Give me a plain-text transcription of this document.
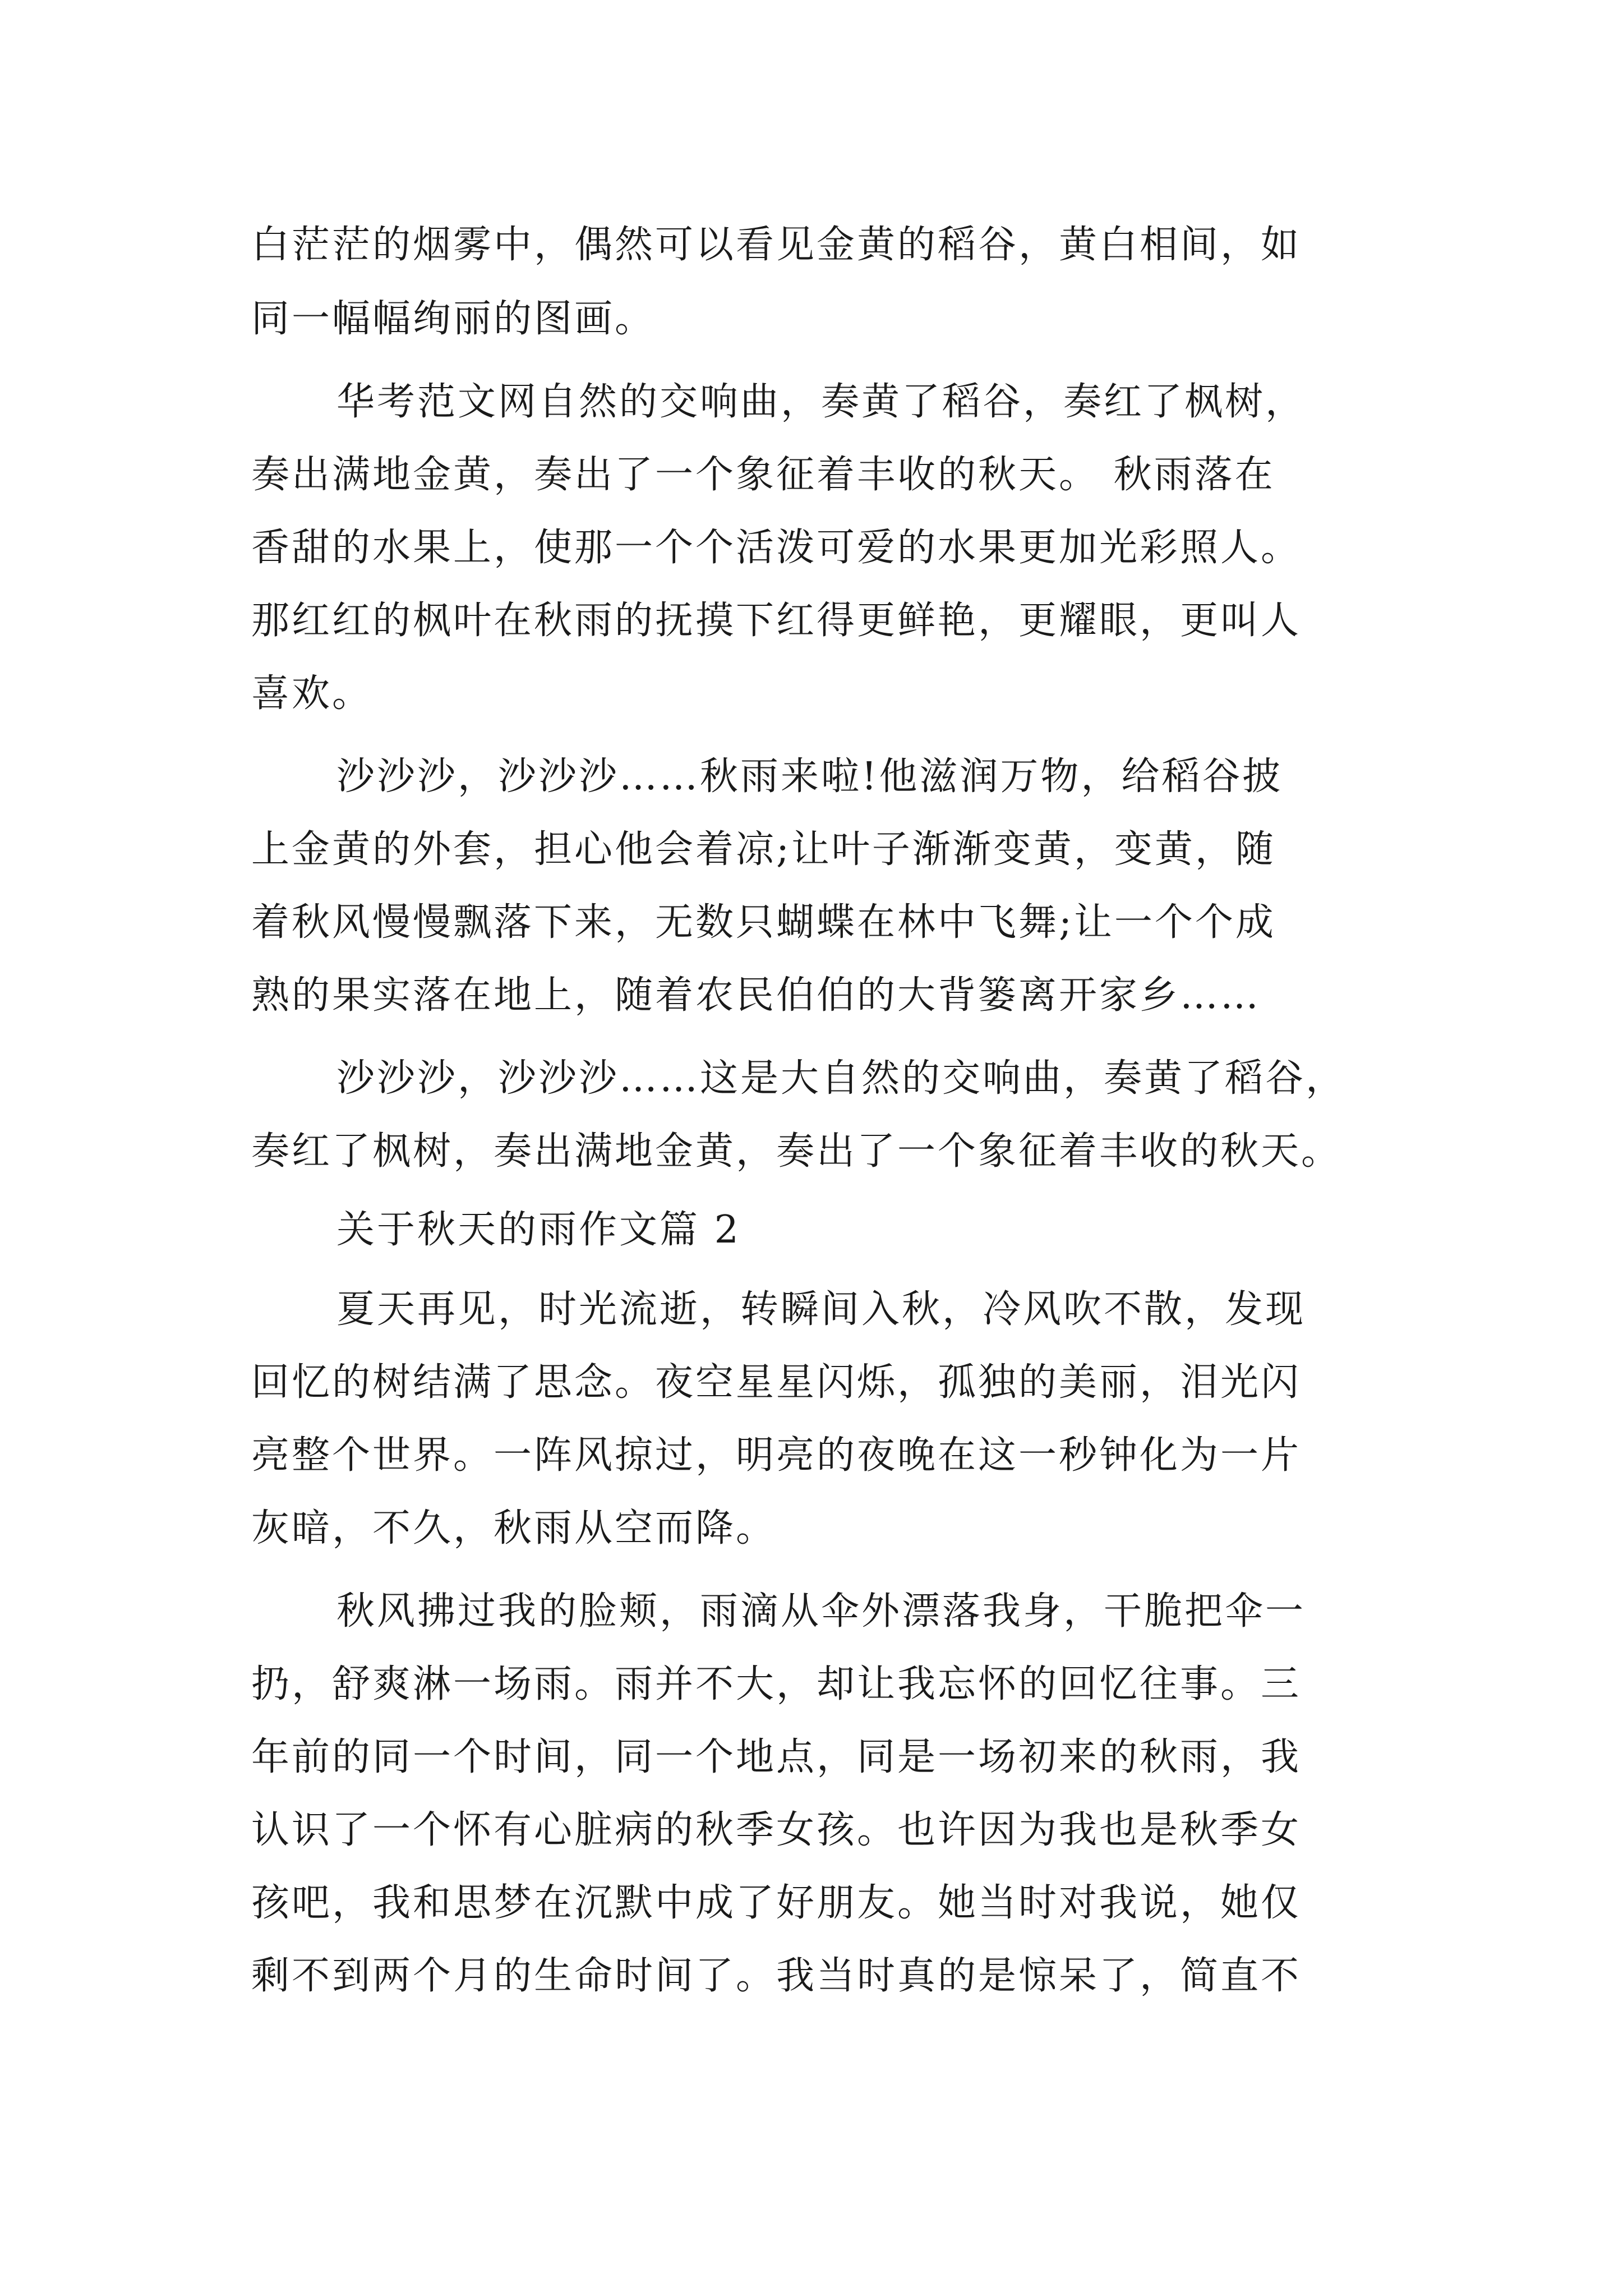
白茫茫的烟雾中，偶然可以看见金黄的稻谷，黄白相间，如
同一幅幅绚丽的图画。
华考范文网自然的交响曲，奏黄了稻谷，奏红了枫树，
奏出满地金黄，奏出了一个象征着丰收的秋天。 秋雨落在
香甜的水果上，使那一个个活泼可爱的水果更加光彩照人。
那红红的枫叶在秋雨的抚摸下红得更鲜艳，更耀眼，更叫人
喜欢。
沙沙沙，沙沙沙……秋雨来啦!他滋润万物，给稻谷披
上金黄的外套，担心他会着凉;让叶子渐渐变黄，变黄，随
着秋风慢慢飘落下来，无数只蝴蝶在林中飞舞;让一个个成
熟的果实落在地上，随着农民伯伯的大背篓离开家乡……
沙沙沙，沙沙沙……这是大自然的交响曲，奏黄了稻谷，
奏红了枫树，奏出满地金黄，奏出了一个象征着丰收的秋天。
关于秋天的雨作文篇 2
夏天再见，时光流逝，转瞬间入秋，冷风吹不散，发现
回忆的树结满了思念。夜空星星闪烁，孤独的美丽，泪光闪
亮整个世界。一阵风掠过，明亮的夜晚在这一秒钟化为一片
灰暗，不久，秋雨从空而降。
秋风拂过我的脸颊，雨滴从伞外漂落我身，干脆把伞一
扔，舒爽淋一场雨。雨并不大，却让我忘怀的回忆往事。三
年前的同一个时间，同一个地点，同是一场初来的秋雨，我
认识了一个怀有心脏病的秋季女孩。也许因为我也是秋季女
孩吧，我和思梦在沉默中成了好朋友。她当时对我说，她仅
剩不到两个月的生命时间了。我当时真的是惊呆了，简直不
